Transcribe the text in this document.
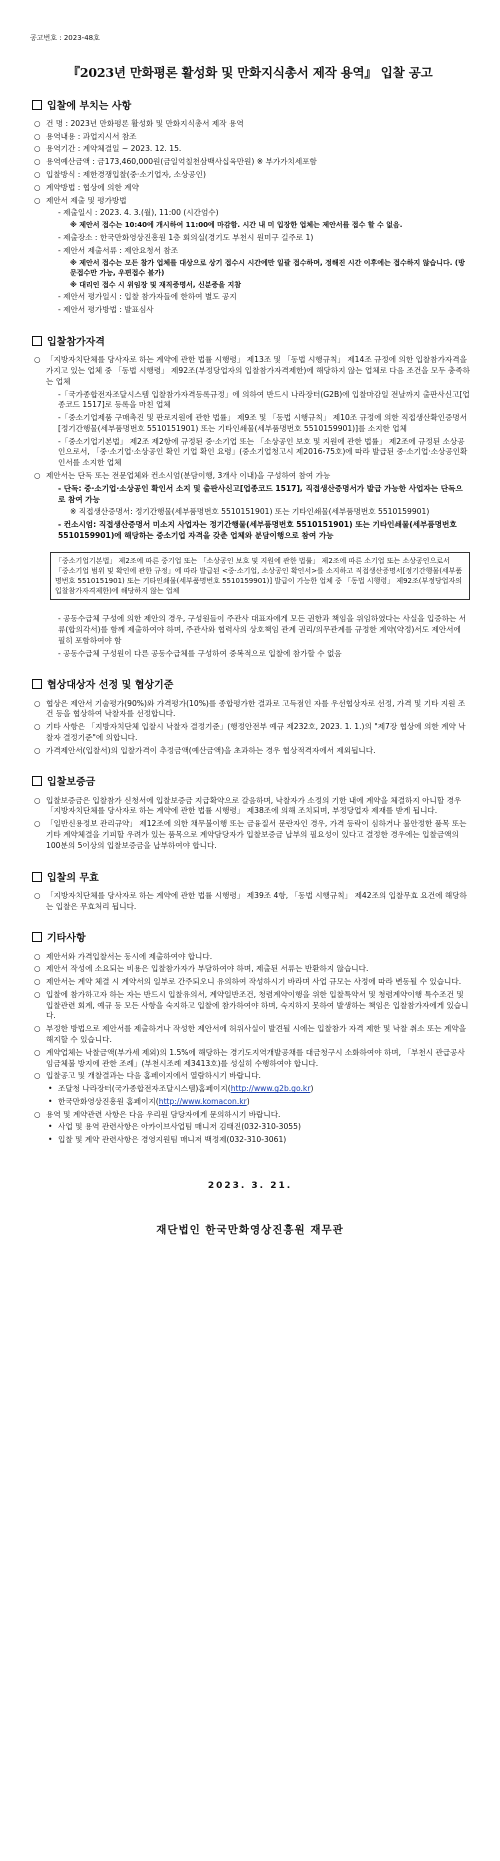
공고번호 : 2023-48호
『2023년 만화평론 활성화 및 만화지식총서 제작 용역』 입찰 공고
입찰에 부치는 사항
○ 건 명 : 2023년 만화평론 활성화 및 만화지식총서 제작 용역
○ 용역내용 : 과업지시서 참조
○ 용역기간 : 계약체결일 ~ 2023. 12. 15.
○ 용역예산금액 : 금173,460,000원(금일억칠천삼백사십육만원) ※ 부가가치세포함
○ 입찰방식 : 제한경쟁입찰(중·소기업자, 소상공인)
○ 계약방법 : 협상에 의한 계약
○ 제안서 제출 및 평가방법
- 제출일시 : 2023. 4. 3.(월), 11:00 (시간엄수)
※ 제안서 접수는 10:40에 개시하여 11:00에 마감함. 시간 내 미 입장한 업체는 제안서를 접수 할 수 없음.
- 제출장소 : 한국만화영상진흥원 1층 회의실(경기도 부천시 원미구 길주로 1)
- 제안서 제출서류 : 제안요청서 참조
※ 제안서 접수는 모든 참가 업체를 대상으로 상기 접수시 시간에만 일괄 접수하며, 정해진 시간 이후에는 접수하지 않습니다. (방문접수만 가능, 우편접수 불가)
※ 대리인 접수 시 위임장 및 재직증명서, 신분증을 지참
- 제안서 평가일시 : 입찰 참가자들에 한하여 별도 공지
- 제안서 평가방법 : 발표심사
입찰참가자격
○ 「지방자치단체를 당사자로 하는 계약에 관한 법률 시행령」 제13조 및 「동법 시행규칙」 제14조 규정에 의한 입찰참가자격을 가지고 있는 업체 중 「동법 시행령」 제92조(부정당업자의 입찰참가자격제한)에 해당하지 않는 업체로 다음 조건을 모두 충족하는 업체
-「국가종합전자조달시스템 입찰참가자격등록규정」에 의하여 반드시 나라장터(G2B)에 입찰마감일 전날까지 출판사신고[업종코드 1517]로 등록을 마친 업체
-「중소기업제품 구매촉진 및 판로지원에 관한 법률」 제9조 및 「동법 시행규칙」 제10조 규정에 의한 직접생산확인증명서[정기간행물(세부품명번호 5510151901) 또는 기타인쇄물(세부품명번호 5510159901)]를 소지한 업체
-「중소기업기본법」 제2조 제2항에 규정된 중·소기업 또는 「소상공인 보호 및 지원에 관한 법률」 제2조에 규정된 소상공인으로서, 「중·소기업·소상공인 확인 기업 확인 요령」(중소기업청고시 제2016-75호)에 따라 발급된 중·소기업·소상공인확인서를 소지한 업체
○ 제안서는 단독 또는 전문업체와 컨소시엄(분담이행, 3개사 이내)을 구성하여 참여 가능
- 단독: 중·소기업·소상공인 확인서 소지 및 출판사신고[업종코드 1517], 직접생산증명서가 발급 가능한 사업자는 단독으로 참여 가능
※ 직접생산증명서: 정기간행물(세부품명번호 5510151901) 또는 기타인쇄물(세부품명번호 5510159901)
- 컨소시엄: 직접생산증명서 미소지 사업자는 정기간행물(세부품명번호 5510151901) 또는 기타인쇄물(세부품명번호 5510159901)에 해당하는 중소기업 자격을 갖춘 업체와 분담이행으로 참여 가능
「중소기업기본법」 제2조에 따른 중기업 또는 「소상공인 보호 및 지원에 관한 법률」 제2조에 따른 소기업 또는 소상공인으로서 「중소기업 범위 및 확인에 관한 규정」에 따라 발급된 <중·소기업, 소상공인 확인서>를 소지하고 직접생산증명서[정기간행물(세부품명번호 5510151901) 또는 기타인쇄물(세부품명번호 5510159901)] 발급이 가능한 업체 중 「동법 시행령」 제92조(부정당업자의 입찰참가자격제한)에 해당하지 않는 업체
- 공동수급체 구성에 의한 제안의 경우, 구성원들이 주관사 대표자에게 모든 권한과 책임을 위임하였다는 사실을 입증하는 서류(합의각서)를 함께 제출하여야 하며, 주관사와 협력사의 상호책임 관계 권리/의무관계를 규정한 계약(약정)서도 제안서에 필히 포함하여야 함
- 공동수급체 구성원이 다른 공동수급체를 구성하여 중복적으로 입찰에 참가할 수 없음
협상대상자 선정 및 협상기준
○ 협상은 제안서 기술평가(90%)와 가격평가(10%)를 종합평가한 결과로 고득점인 자를 우선협상자로 선정, 가격 및 기타 지원 조건 등을 협상하여 낙찰자를 선정합니다.
○ 기타 사항은 「지방자치단체 입찰시 낙찰자 결정기준」(행정안전부 예규 제232호, 2023. 1. 1.)의 "제7장 협상에 의한 계약 낙찰자 결정기준"에 의합니다.
○ 가격제안서(입찰서)의 입찰가격이 추정금액(예산금액)을 초과하는 경우 협상적격자에서 제외됩니다.
입찰보증금
○ 입찰보증금은 입찰참가 신청서에 입찰보증금 지급확약으로 갈음하며, 낙찰자가 소정의 기한 내에 계약을 체결하지 아니할 경우 「지방자치단체를 당사자로 하는 계약에 관한 법률 시행령」 제38조에 의해 조치되며, 부정당업자 제재를 받게 됩니다.
○ 「일반신용정보 관리규약」 제12조에 의한 채무불이행 또는 금융질서 문란자인 경우, 가격 등락이 심하거나 불안정한 품목 또는 기타 계약체결을 기피할 우려가 있는 품목으로 계약담당자가 입찰보증금 납부의 필요성이 있다고 결정한 경우에는 입찰금액의 100분의 5이상의 입찰보증금을 납부하여야 합니다.
입찰의 무효
○ 「지방자치단체를 당사자로 하는 계약에 관한 법률 시행령」 제39조 4항, 「동법 시행규칙」 제42조의 입찰무효 요건에 해당하는 입찰은 무효처리 됩니다.
기타사항
○ 제안서와 가격입찰서는 동시에 제출하여야 합니다.
○ 제안서 작성에 소요되는 비용은 입찰참가자가 부담하여야 하며, 제출된 서류는 반환하지 않습니다.
○ 제안서는 계약 체결 시 계약서의 일부로 간주되오니 유의하여 작성하시기 바라며 사업 규모는 사정에 따라 변동될 수 있습니다.
○ 입찰에 참가하고자 하는 자는 반드시 입찰유의서, 계약일반조건, 청렴계약이행을 위한 입찰특약서 및 청렴계약이행 특수조건 및 입찰관련 회계, 예규 등 모든 사항을 숙지하고 입찰에 참가하여야 하며, 숙지하지 못하여 발생하는 책임은 입찰참가자에게 있습니다.
○ 부정한 방법으로 제안서를 제출하거나 작성한 제안서에 허위사실이 발견될 시에는 입찰참가 자격 제한 및 낙찰 취소 또는 계약을 해지할 수 있습니다.
○ 계약업체는 낙찰금액(부가세 제외)의 1.5%에 해당하는 경기도지역개발공채를 대금청구시 소화하여야 하며, 「부천시 관급공사 임금체불 방지에 관한 조례」(부천시조례 제3413호)를 성실히 수행하여야 합니다.
○ 입찰공고 및 개찰결과는 다음 홈페이지에서 열람하시기 바랍니다.
• 조달청 나라장터(국가종합전자조달시스템)홈페이지(http://www.g2b.go.kr)
• 한국만화영상진흥원 홈페이지(http://www.komacon.kr)
○ 용역 및 계약관련 사항은 다음 우리원 담당자에게 문의하시기 바랍니다.
• 사업 및 용역 관련사항은 아카이브사업팀 매니저 김태진(032-310-3055)
• 입찰 및 계약 관련사항은 경영지원팀 매니저 백정제(032-310-3061)
2023. 3. 21.
재단법인 한국만화영상진흥원 재무관
